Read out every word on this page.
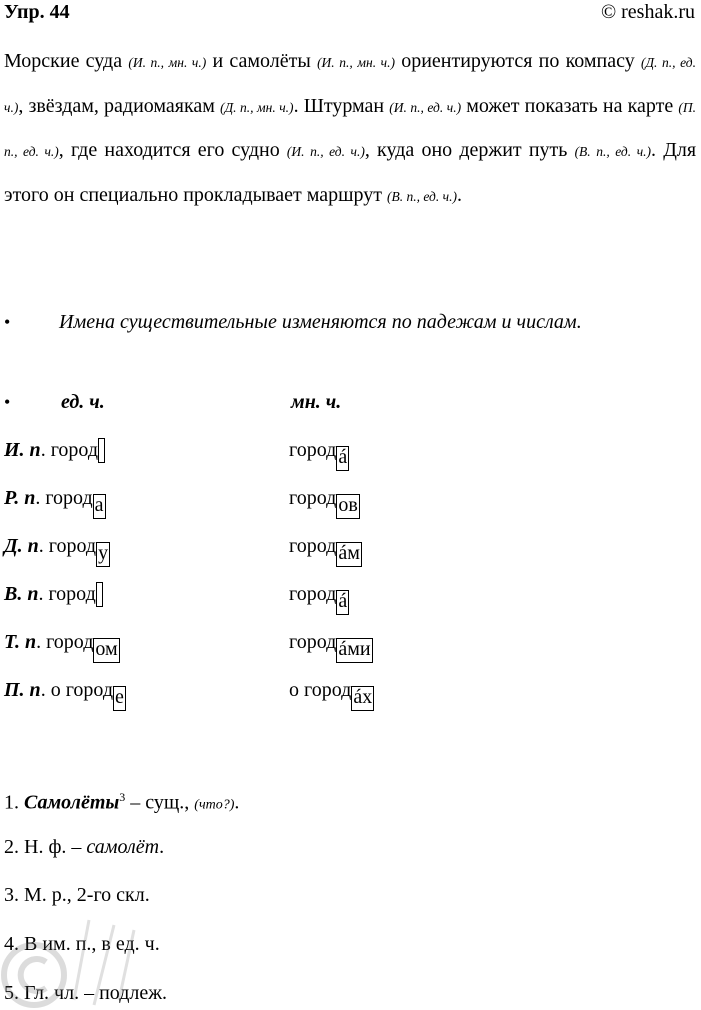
Упр. 44	© reshak.ru
Морские суда (И. п., мн. ч.) и самолёты (И. п., мн. ч.) ориентируются по компасу (Д. п., ед. ч.), звёздам, радиомаякам (Д. п., мн. ч.). Штурман (И. п., ед. ч.) может показать на карте (П. п., ед. ч.), где находится его судно (И. п., ед. ч.), куда оно держит путь (В. п., ед. ч.). Для этого он специально прокладывает маршрут (В. п., ед. ч.).
• Имена существительные изменяются по падежам и числам.
•	ед. ч.	мн. ч.
И. п. город	город á
Р. п. город а	город ов
Д. п. город у	город áм
В. п. город	город á
Т. п. город ом	город áми
П. п. о город е	о город áх
1. Самолёты$^3$ – сущ., (что?).
2. Н. ф. – самолёт.
3. М. р., 2-го скл.
4. В им. п., в ед. ч.
5. Гл. чл. – подлеж.
